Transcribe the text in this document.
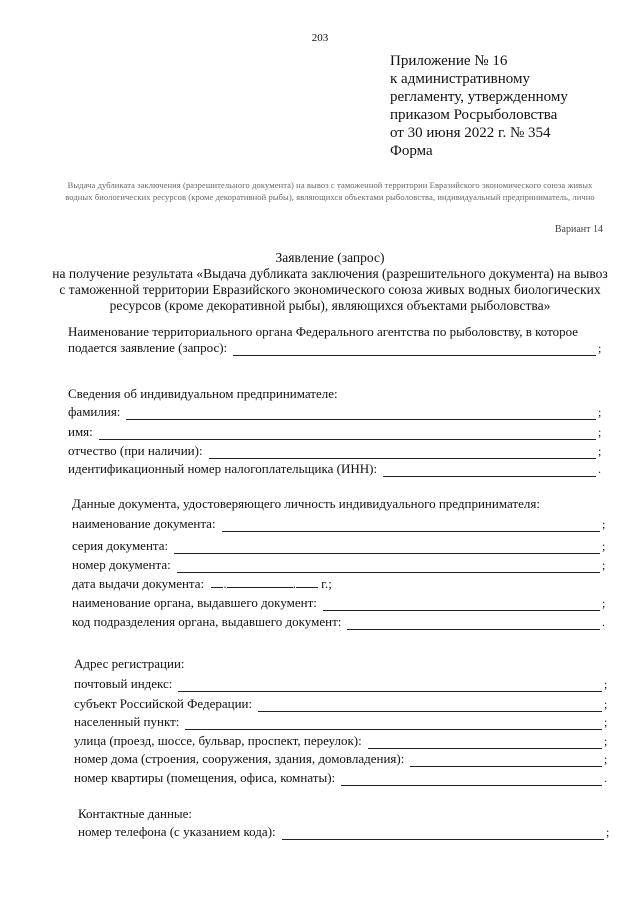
203
Приложение № 16
к административному
регламенту, утвержденному
приказом Росрыболовства
от 30 июня 2022 г. № 354
Форма
Выдача дубликата заключения (разрешительного документа) на вывоз с таможенной территории Евразийского экономического союза живых водных биологических ресурсов (кроме декоративной рыбы), являющихся объектами рыболовства, индивидуальный предприниматель, лично
Вариант 14
Заявление (запрос)
на получение результата «Выдача дубликата заключения (разрешительного документа) на вывоз с таможенной территории Евразийского экономического союза живых водных биологических ресурсов (кроме декоративной рыбы), являющихся объектами рыболовства»
Наименование территориального органа Федерального агентства по рыболовству, в которое
подается заявление (запрос):	;
Сведения об индивидуальном предпринимателе:
фамилия:	;
имя:	;
отчество (при наличии):	;
идентификационный номер налогоплательщика (ИНН):	.
Данные документа, удостоверяющего личность индивидуального предпринимателя:
наименование документа:	;
серия документа:	;
номер документа:	;
дата выдачи документа: .	. г.;
наименование органа, выдавшего документ:	;
код подразделения органа, выдавшего документ:	.
Адрес регистрации:
почтовый индекс:	;
субъект Российской Федерации:	;
населенный пункт:	;
улица (проезд, шоссе, бульвар, проспект, переулок):	;
номер дома (строения, сооружения, здания, домовладения):	;
номер квартиры (помещения, офиса, комнаты):	.
Контактные данные:
номер телефона (с указанием кода):	;
